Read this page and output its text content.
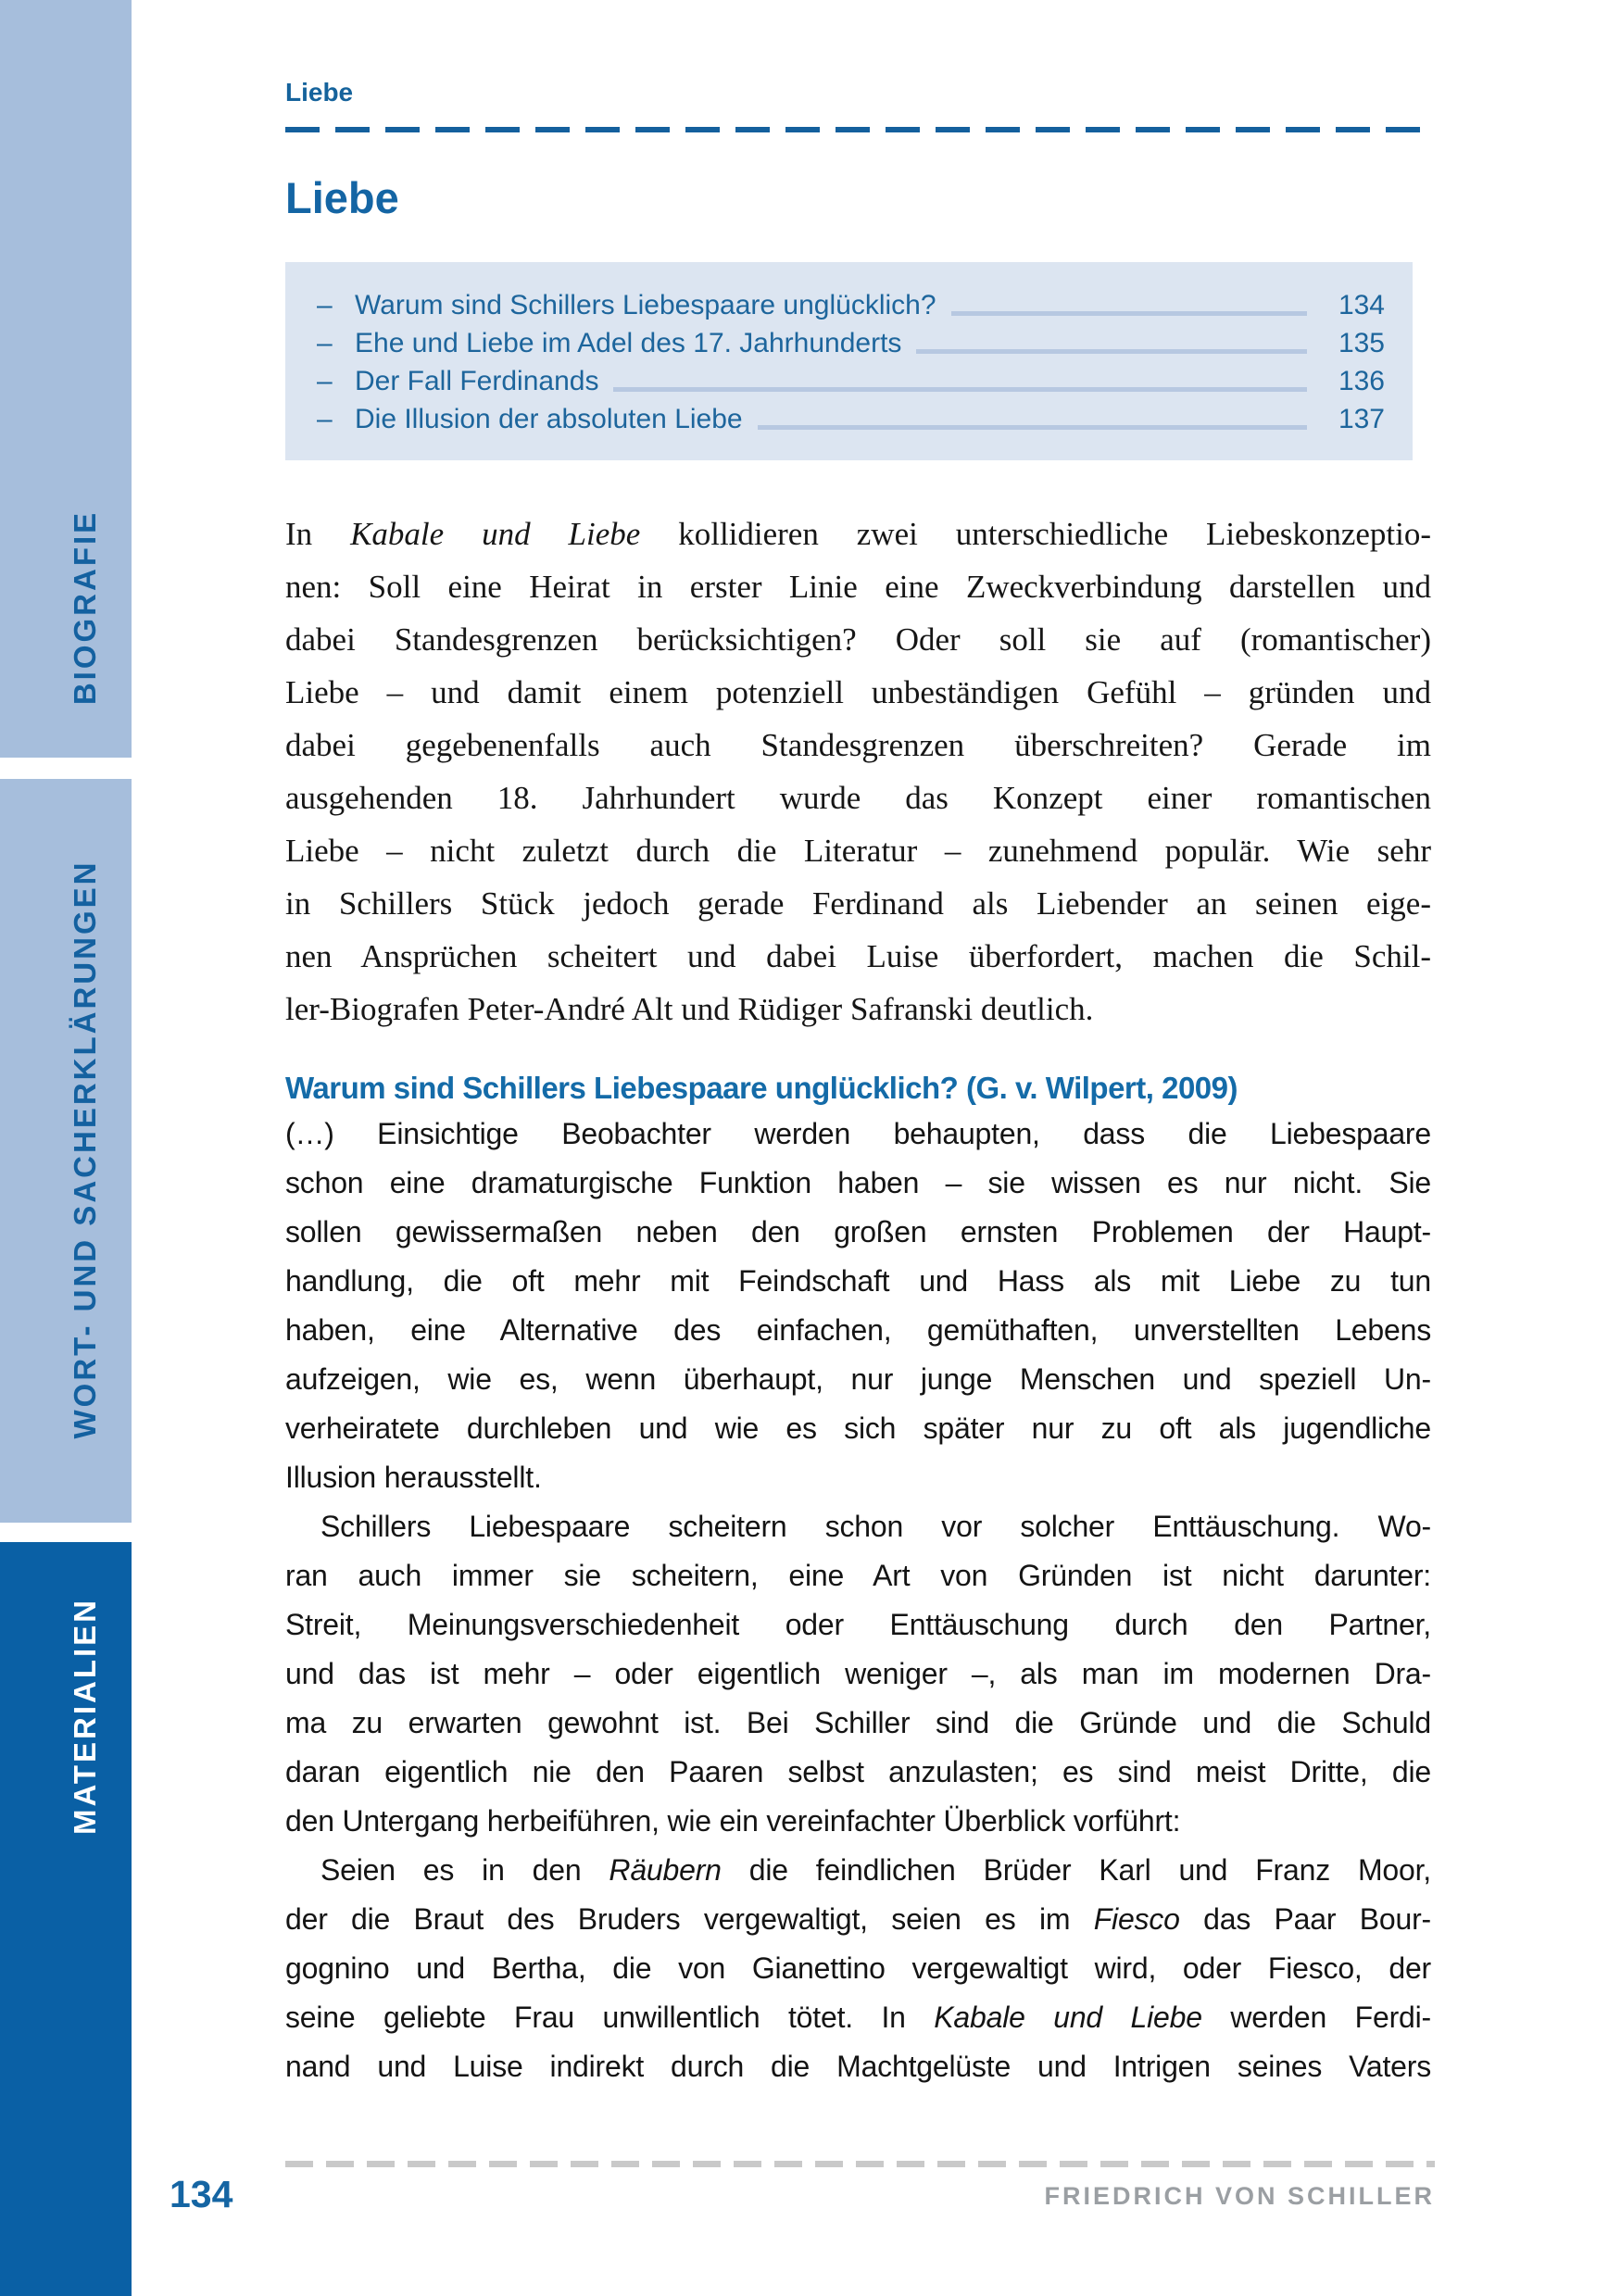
BIOGRAFIE
WORT- UND SACHERKLÄRUNGEN
MATERIALIEN
Liebe
Liebe
– Warum sind Schillers Liebespaare unglücklich?	134
– Ehe und Liebe im Adel des 17. Jahrhunderts	135
– Der Fall Ferdinands	136
– Die Illusion der absoluten Liebe	137
In Kabale und Liebe kollidieren zwei unterschiedliche Liebeskonzeptio-
nen: Soll eine Heirat in erster Linie eine Zweckverbindung darstellen und
dabei Standesgrenzen berücksichtigen? Oder soll sie auf (romantischer)
Liebe – und damit einem potenziell unbeständigen Gefühl – gründen und
dabei gegebenenfalls auch Standesgrenzen überschreiten? Gerade im
ausgehenden 18. Jahrhundert wurde das Konzept einer romantischen
Liebe – nicht zuletzt durch die Literatur – zunehmend populär. Wie sehr
in Schillers Stück jedoch gerade Ferdinand als Liebender an seinen eige-
nen Ansprüchen scheitert und dabei Luise überfordert, machen die Schil-
ler-Biografen Peter-André Alt und Rüdiger Safranski deutlich.
Warum sind Schillers Liebespaare unglücklich? (G. v. Wilpert, 2009)
(…) Einsichtige Beobachter werden behaupten, dass die Liebespaare
schon eine dramaturgische Funktion haben – sie wissen es nur nicht. Sie
sollen gewissermaßen neben den großen ernsten Problemen der Haupt-
handlung, die oft mehr mit Feindschaft und Hass als mit Liebe zu tun
haben, eine Alternative des einfachen, gemüthaften, unverstellten Lebens
aufzeigen, wie es, wenn überhaupt, nur junge Menschen und speziell Un-
verheiratete durchleben und wie es sich später nur zu oft als jugendliche
Illusion herausstellt.
Schillers Liebespaare scheitern schon vor solcher Enttäuschung. Wo-
ran auch immer sie scheitern, eine Art von Gründen ist nicht darunter:
Streit, Meinungsverschiedenheit oder Enttäuschung durch den Partner,
und das ist mehr – oder eigentlich weniger –, als man im modernen Dra-
ma zu erwarten gewohnt ist. Bei Schiller sind die Gründe und die Schuld
daran eigentlich nie den Paaren selbst anzulasten; es sind meist Dritte, die
den Untergang herbeiführen, wie ein vereinfachter Überblick vorführt:
Seien es in den Räubern die feindlichen Brüder Karl und Franz Moor,
der die Braut des Bruders vergewaltigt, seien es im Fiesco das Paar Bour-
gognino und Bertha, die von Gianettino vergewaltigt wird, oder Fiesco, der
seine geliebte Frau unwillentlich tötet. In Kabale und Liebe werden Ferdi-
nand und Luise indirekt durch die Machtgelüste und Intrigen seines Vaters
134	FRIEDRICH VON SCHILLER
